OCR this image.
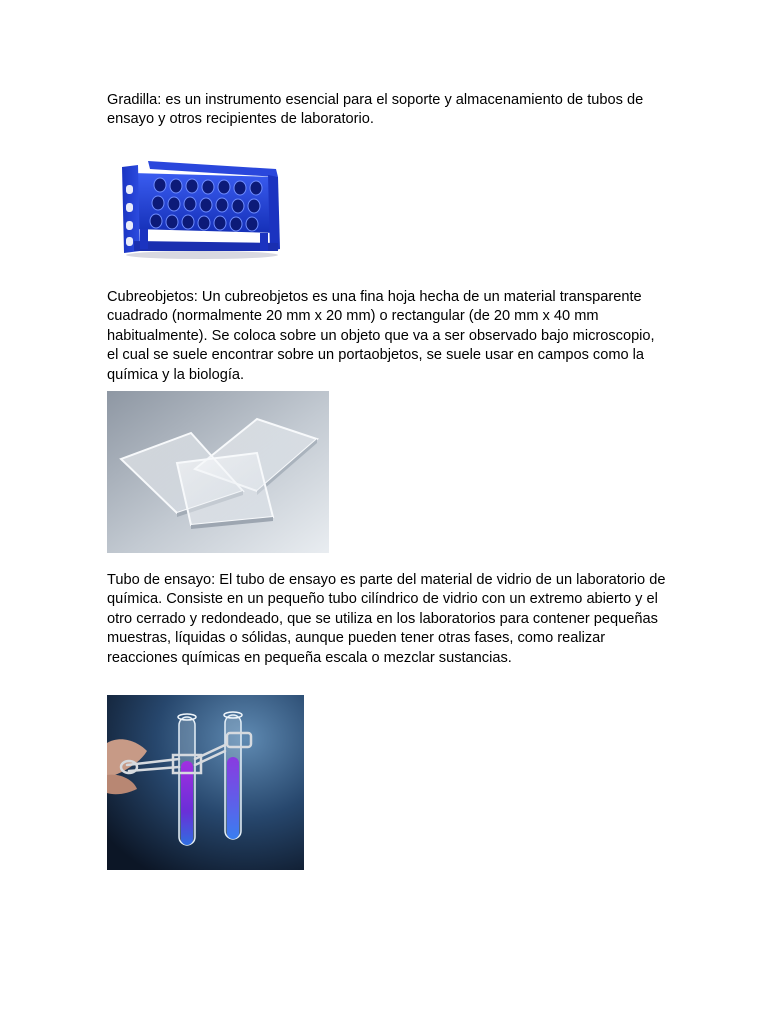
Gradilla: es un instrumento esencial para el soporte y almacenamiento de tubos de ensayo y otros recipientes de laboratorio.

Cubreobjetos: Un cubreobjetos es una fina hoja hecha de un material transparente cuadrado (normalmente 20 mm x 20 mm) o rectangular (de 20 mm x 40 mm habitualmente). Se coloca sobre un objeto que va a ser observado bajo microscopio, el cual se suele encontrar sobre un portaobjetos, se suele usar en campos como la química y la biología.

Tubo de ensayo: El tubo de ensayo es parte del material de vidrio de un laboratorio de química. Consiste en un pequeño tubo cilíndrico de vidrio con un extremo abierto y el otro cerrado y redondeado, que se utiliza en los laboratorios para contener pequeñas muestras, líquidas o sólidas, aunque pueden tener otras fases, como realizar reacciones químicas en pequeña escala o mezclar sustancias.
